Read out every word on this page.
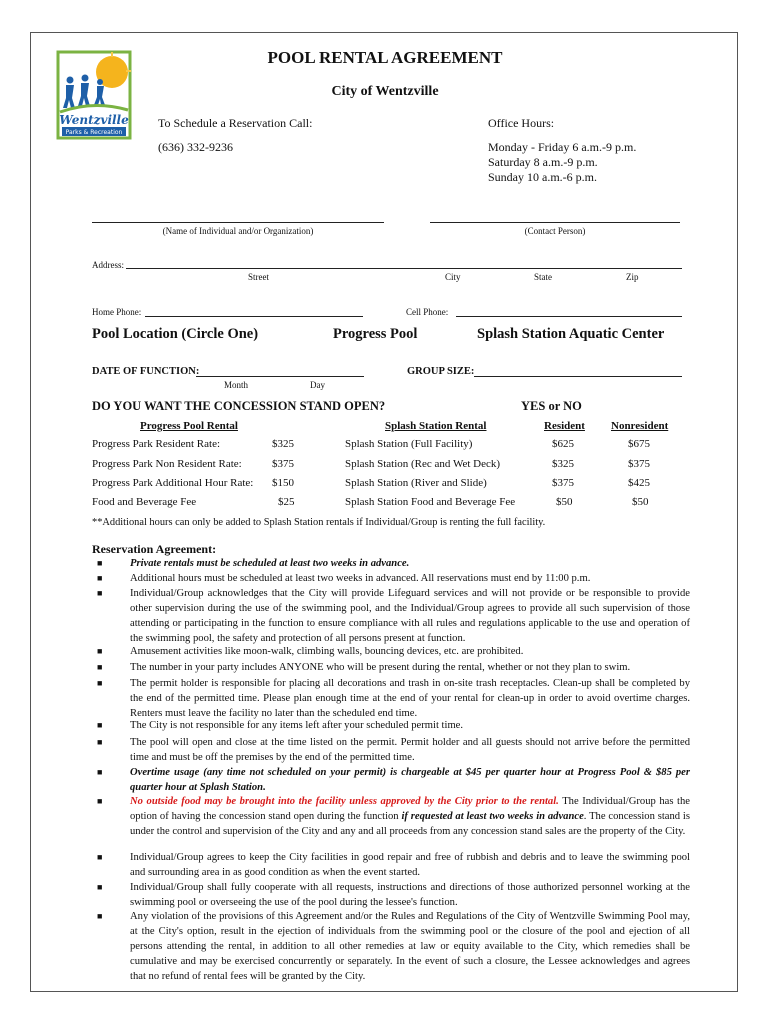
Wentzville
Parks & Recreation
POOL RENTAL AGREEMENT
City of Wentzville
To Schedule a Reservation Call:
(636) 332-9236
Office Hours:
Monday - Friday 6 a.m.-9 p.m.
Saturday 8 a.m.-9 p.m.
Sunday 10 a.m.-6 p.m.
(Name of Individual and/or Organization)	(Contact Person)
Address:
Street	City	State	Zip
Home Phone:	Cell Phone:
Pool Location (Circle One)	Progress Pool	Splash Station Aquatic Center
DATE OF FUNCTION:
Month	Day
GROUP SIZE:
DO YOU WANT THE CONCESSION STAND OPEN?	YES or NO
Progress Pool Rental	Splash Station Rental	Resident Nonresident
Progress Park Resident Rate:	$325
Progress Park Non Resident Rate:	$375
Progress Park Additional Hour Rate: $150
Food and Beverage Fee	$25
Splash Station (Full Facility)	$625	$675
Splash Station (Rec and Wet Deck)	$325	$375
Splash Station (River and Slide)	$375	$425
Splash Station Food and Beverage Fee	$50	$50
**Additional hours can only be added to Splash Station rentals if Individual/Group is renting the full facility.
Reservation Agreement:
■	Private rentals must be scheduled at least two weeks in advance.
■	Additional hours must be scheduled at least two weeks in advanced. All reservations must end by 11:00 p.m.
■	Individual/Group acknowledges that the City will provide Lifeguard services and will not provide or be responsible to provide other supervision during the use of the swimming pool, and the Individual/Group agrees to provide all such supervision of those attending or participating in the function to ensure compliance with all rules and regulations applicable to the use and operation of the swimming pool, the safety and protection of all persons present at function.
■	Amusement activities like moon-walk, climbing walls, bouncing devices, etc. are prohibited.
■	The number in your party includes ANYONE who will be present during the rental, whether or not they plan to swim.
■	The permit holder is responsible for placing all decorations and trash in on-site trash receptacles. Clean-up shall be completed by the end of the permitted time. Please plan enough time at the end of your rental for clean-up in order to avoid overtime charges. Renters must leave the facility no later than the scheduled end time.
■	The City is not responsible for any items left after your scheduled permit time.
■	The pool will open and close at the time listed on the permit. Permit holder and all guests should not arrive before the permitted time and must be off the premises by the end of the permitted time.
■	Overtime usage (any time not scheduled on your permit) is chargeable at $45 per quarter hour at Progress Pool & $85 per quarter hour at Splash Station.
■	No outside food may be brought into the facility unless approved by the City prior to the rental. The Individual/Group has the option of having the concession stand open during the function if requested at least two weeks in advance. The concession stand is under the control and supervision of the City and any and all proceeds from any concession stand sales are the property of the City.
■	Individual/Group agrees to keep the City facilities in good repair and free of rubbish and debris and to leave the swimming pool and surrounding area in as good condition as when the event started.
■	Individual/Group shall fully cooperate with all requests, instructions and directions of those authorized personnel working at the swimming pool or overseeing the use of the pool during the lessee's function.
■	Any violation of the provisions of this Agreement and/or the Rules and Regulations of the City of Wentzville Swimming Pool may, at the City's option, result in the ejection of individuals from the swimming pool or the closure of the pool and ejection of all persons attending the rental, in addition to all other remedies at law or equity available to the City, which remedies shall be cumulative and may be exercised concurrently or separately. In the event of such a closure, the Lessee acknowledges and agrees that no refund of rental fees will be granted by the City.
